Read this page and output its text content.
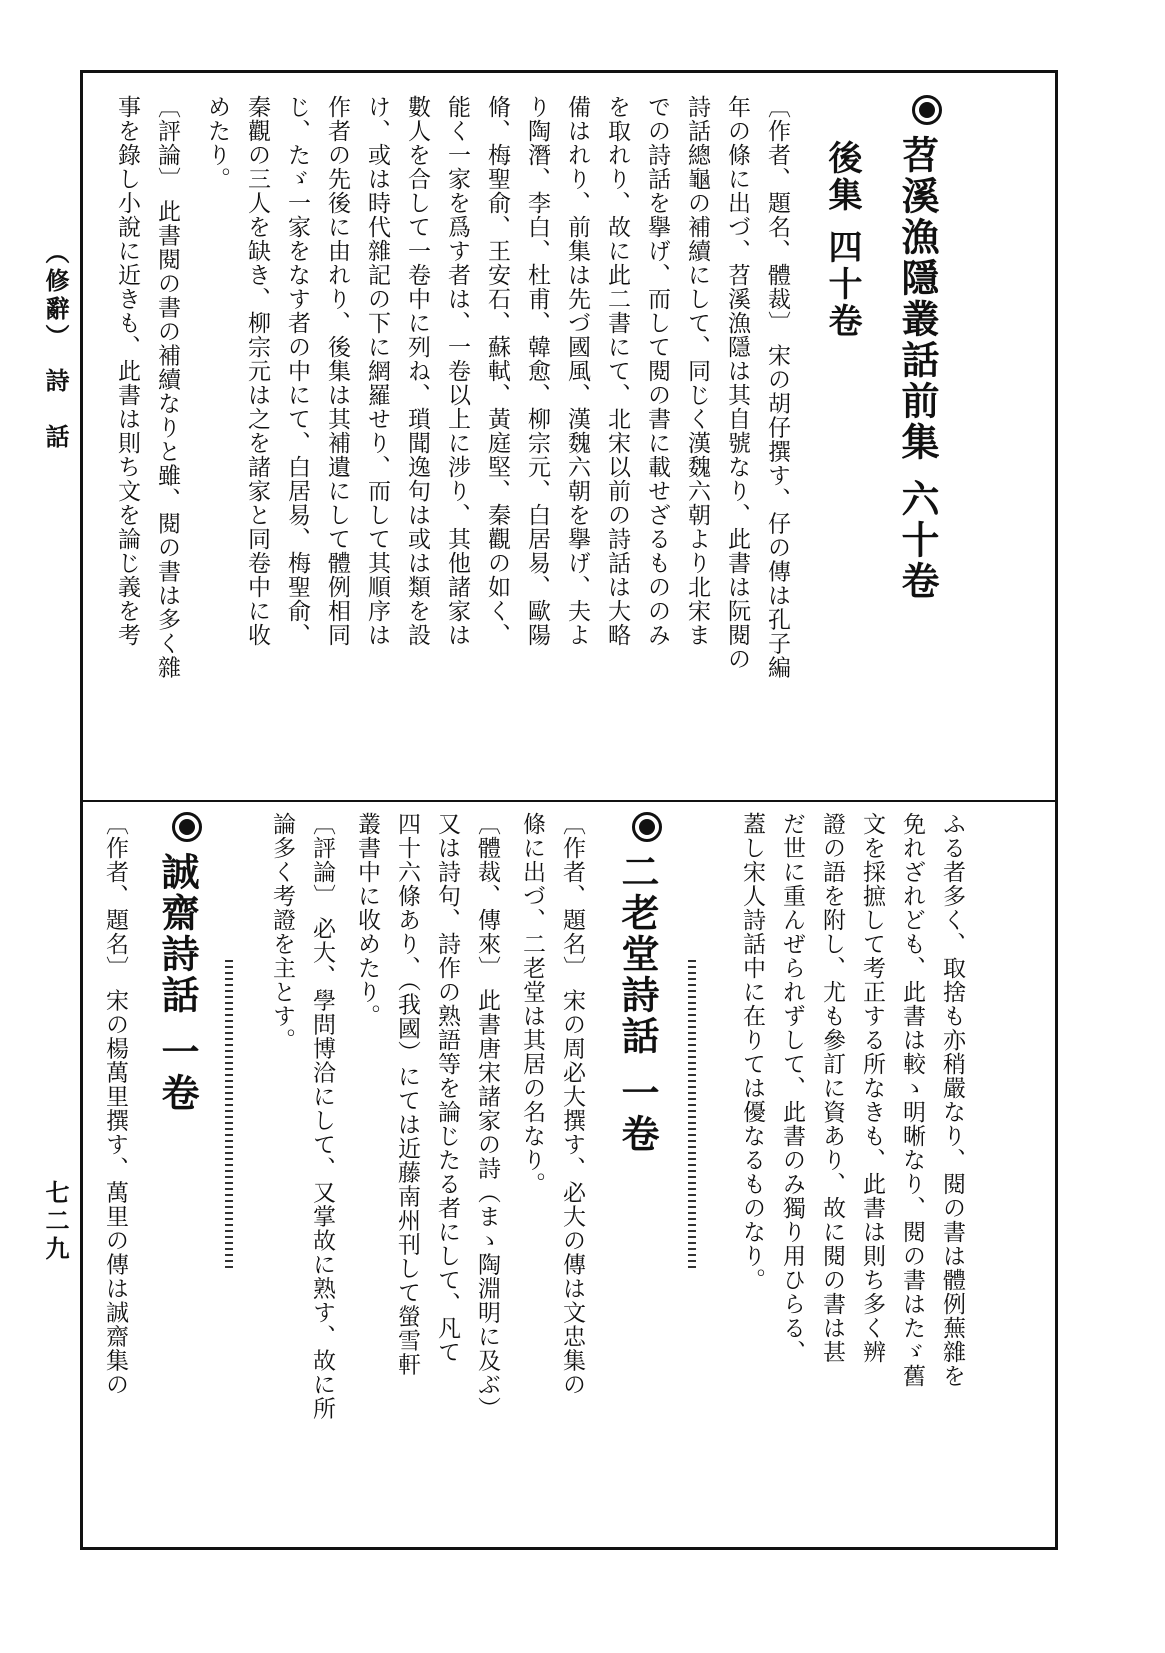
（修辭）　詩　話
七二九
苕溪漁隱叢話前集 六十卷
後集 四十卷
〔作者、題名、體裁〕 宋の胡仔撰す、仔の傳は孔子編
年の條に出づ、苕溪漁隱は其自號なり、此書は阮閱の
詩話總龜の補續にして、同じく漢魏六朝より北宋ま
での詩話を擧げ、而して閱の書に載せざるもののみ
を取れり、故に此二書にて、北宋以前の詩話は大略
備はれり、前集は先づ國風、漢魏六朝を擧げ、夫よ
り陶潛、李白、杜甫、韓愈、柳宗元、白居易、歐陽
脩、梅聖俞、王安石、蘇軾、黃庭堅、秦觀の如く、
能く一家を爲す者は、一卷以上に涉り、其他諸家は
數人を合して一卷中に列ね、瑣聞逸句は或は類を設
け、或は時代雜記の下に網羅せり、而して其順序は
作者の先後に由れり、後集は其補遺にして體例相同
じ、たゞ一家をなす者の中にて、白居易、梅聖俞、
秦觀の三人を缺き、柳宗元は之を諸家と同卷中に收
めたり。
〔評論〕 此書閱の書の補續なりと雖、閱の書は多く雜
事を錄し小說に近きも、此書は則ち文を論じ義を考
ふる者多く、取捨も亦稍嚴なり、閱の書は體例蕪雜を
免れざれども、此書は較ゝ明晰なり、閱の書はたゞ舊
文を採摭して考正する所なきも、此書は則ち多く辨
證の語を附し、尤も參訂に資あり、故に閱の書は甚
だ世に重んぜられずして、此書のみ獨り用ひらる、
蓋し宋人詩話中に在りては優なるものなり。
二老堂詩話 一卷
〔作者、題名〕 宋の周必大撰す、必大の傳は文忠集の
條に出づ、二老堂は其居の名なり。
〔體裁、傳來〕 此書唐宋諸家の詩（まゝ陶淵明に及ぶ）
又は詩句、詩作の熟語等を論じたる者にして、凡て
四十六條あり、（我國）にては近藤南州刊して螢雪軒
叢書中に收めたり。
〔評論〕 必大、學問博洽にして、又掌故に熟す、故に所
論多く考證を主とす。
誠齋詩話 一卷
〔作者、題名〕 宋の楊萬里撰す、萬里の傳は誠齋集の
